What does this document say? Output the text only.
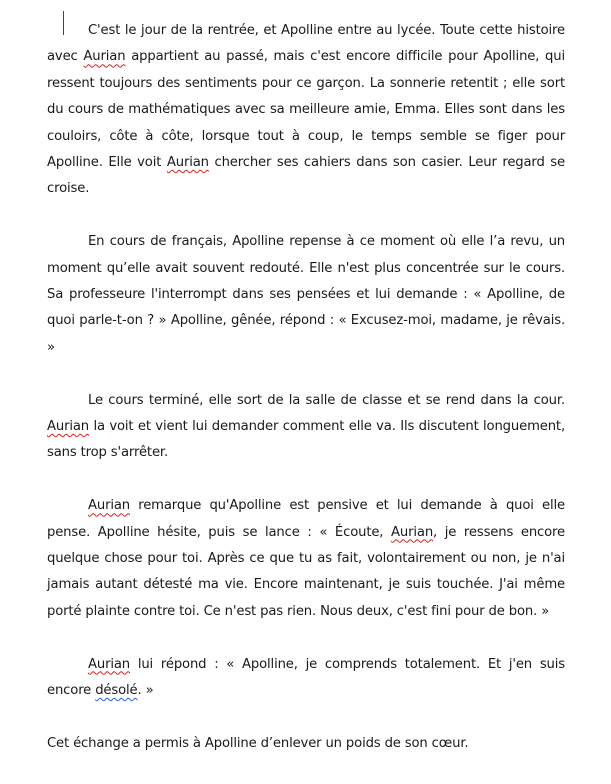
C'est le jour de la rentrée, et Apolline entre au lycée. Toute cette histoire avec Aurian appartient au passé, mais c'est encore difficile pour Apolline, qui ressent toujours des sentiments pour ce garçon. La sonnerie retentit ; elle sort du cours de mathématiques avec sa meilleure amie, Emma. Elles sont dans les couloirs, côte à côte, lorsque tout à coup, le temps semble se figer pour Apolline. Elle voit Aurian chercher ses cahiers dans son casier. Leur regard se croise.

En cours de français, Apolline repense à ce moment où elle l’a revu, un moment qu’elle avait souvent redouté. Elle n'est plus concentrée sur le cours. Sa professeure l'interrompt dans ses pensées et lui demande : « Apolline, de quoi parle-t-on ? » Apolline, gênée, répond : « Excusez-moi, madame, je rêvais. »

Le cours terminé, elle sort de la salle de classe et se rend dans la cour. Aurian la voit et vient lui demander comment elle va. Ils discutent longuement, sans trop s'arrêter.

Aurian remarque qu'Apolline est pensive et lui demande à quoi elle pense. Apolline hésite, puis se lance : « Écoute, Aurian, je ressens encore quelque chose pour toi. Après ce que tu as fait, volontairement ou non, je n'ai jamais autant détesté ma vie. Encore maintenant, je suis touchée. J'ai même porté plainte contre toi. Ce n'est pas rien. Nous deux, c'est fini pour de bon. »

Aurian lui répond : « Apolline, je comprends totalement. Et j'en suis encore désolé. »

Cet échange a permis à Apolline d’enlever un poids de son cœur.
